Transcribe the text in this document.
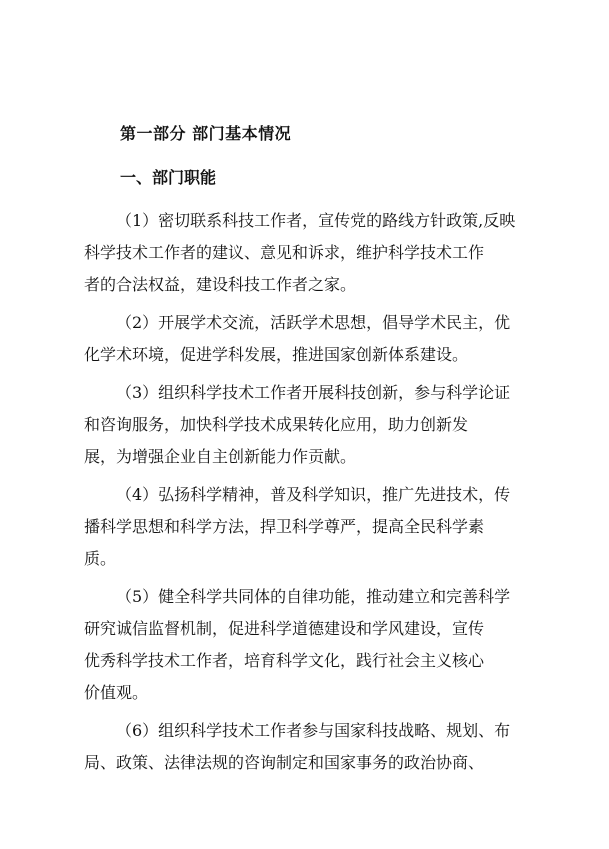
第一部分 部门基本情况
一、部门职能

（1）密切联系科技工作者，宣传党的路线方针政策,反映
科学技术工作者的建议、意见和诉求，维护科学技术工作
者的合法权益，建设科技工作者之家。

（2）开展学术交流，活跃学术思想，倡导学术民主，优
化学术环境，促进学科发展，推进国家创新体系建设。

（3）组织科学技术工作者开展科技创新，参与科学论证
和咨询服务，加快科学技术成果转化应用，助力创新发
展，为增强企业自主创新能力作贡献。

（4）弘扬科学精神，普及科学知识，推广先进技术，传
播科学思想和科学方法，捍卫科学尊严，提高全民科学素
质。

（5）健全科学共同体的自律功能，推动建立和完善科学
研究诚信监督机制，促进科学道德建设和学风建设，宣传
优秀科学技术工作者，培育科学文化，践行社会主义核心
价值观。

（6）组织科学技术工作者参与国家科技战略、规划、布
局、政策、法律法规的咨询制定和国家事务的政治协商、
